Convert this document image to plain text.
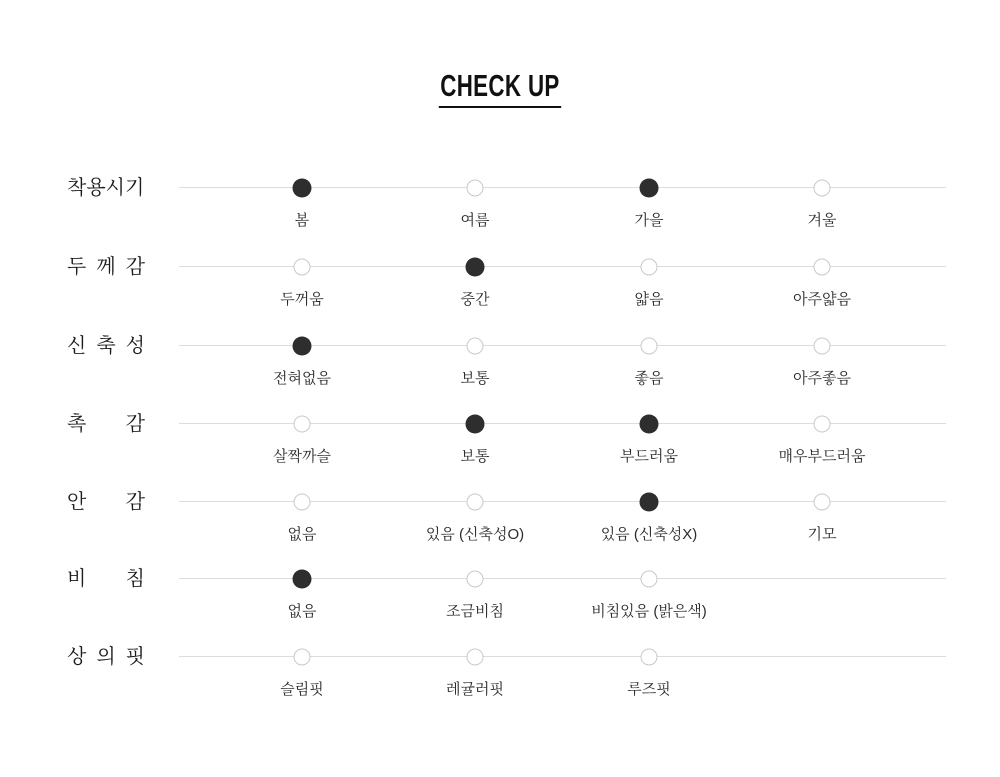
CHECK UP
착용시기
봄	여름	가을	겨울
두 께 감
두꺼움	중간	얇음	아주얇음
신 축 성
전혀없음	보통	좋음	아주좋음
촉 감
살짝까슬	보통	부드러움	매우부드러움
안 감
없음	있음 (신축성O)	있음 (신축성X)	기모
비 침
없음	조금비침	비침있음 (밝은색)
상 의 핏
슬림핏	레귤러핏	루즈핏
